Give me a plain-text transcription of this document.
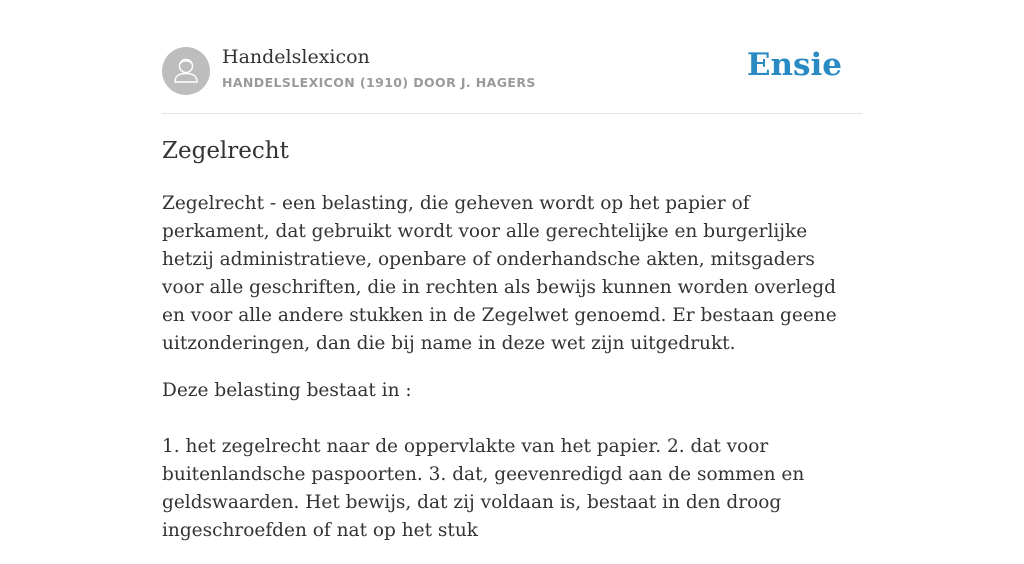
Handelslexicon
HANDELSLEXICON (1910) DOOR J. HAGERS	Ensie
Zegelrecht

Zegelrecht - een belasting, die geheven wordt op het papier of perkament, dat gebruikt wordt voor alle gerechtelijke en burgerlijke hetzij administratieve, openbare of onderhandsche akten, mitsgaders voor alle geschriften, die in rechten als bewijs kunnen worden overlegd en voor alle andere stukken in de Zegelwet genoemd. Er bestaan geene uitzonderingen, dan die bij name in deze wet zijn uitgedrukt.

Deze belasting bestaat in :

1. het zegelrecht naar de oppervlakte van het papier. 2. dat voor buitenlandsche paspoorten. 3. dat, geevenredigd aan de sommen en geldswaarden. Het bewijs, dat zij voldaan is, bestaat in den droog ingeschroefden of nat op het stuk
